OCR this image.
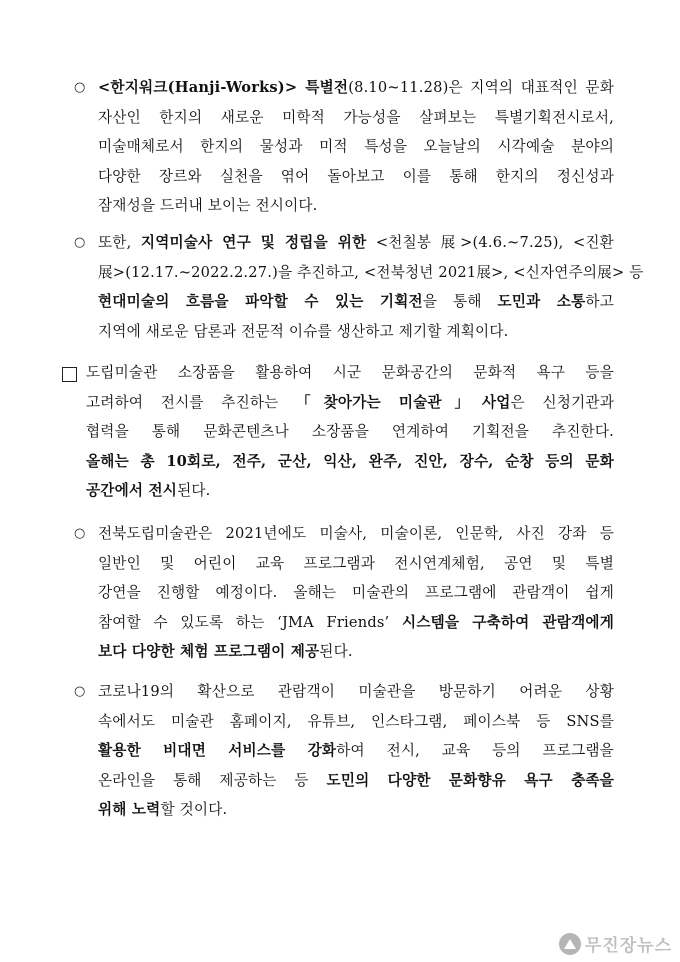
○ <한지워크(Hanji-Works)> 특별전(8.10~11.28)은 지역의 대표적인 문화
자산인 한지의 새로운 미학적 가능성을 살펴보는 특별기획전시로서,
미술매체로서 한지의 물성과 미적 특성을 오늘날의 시각예술 분야의
다양한 장르와 실천을 엮어 돌아보고 이를 통해 한지의 정신성과
잠재성을 드러내 보이는 전시이다.
○ 또한, 지역미술사 연구 및 정립을 위한 <천칠봉 展>(4.6.~7.25), <진환
展>(12.17.~2022.2.27.)을 추진하고, <전북청년 2021展>, <신자연주의展> 등
현대미술의 흐름을 파악할 수 있는 기획전을 통해 도민과 소통하고
지역에 새로운 담론과 전문적 이슈를 생산하고 제기할 계획이다.
도립미술관 소장품을 활용하여 시군 문화공간의 문화적 욕구 등을
고려하여 전시를 추진하는 「찾아가는 미술관」사업은 신청기관과
협력을 통해 문화콘텐츠나 소장품을 연계하여 기획전을 추진한다.
올해는 총 10회로, 전주, 군산, 익산, 완주, 진안, 장수, 순창 등의 문화
공간에서 전시된다.
○ 전북도립미술관은 2021년에도 미술사, 미술이론, 인문학, 사진 강좌 등
일반인 및 어린이 교육 프로그램과 전시연계체험, 공연 및 특별
강연을 진행할 예정이다. 올해는 미술관의 프로그램에 관람객이 쉽게
참여할 수 있도록 하는 ‘JMA Friends’ 시스템을 구축하여 관람객에게
보다 다양한 체험 프로그램이 제공된다.
○ 코로나19의 확산으로 관람객이 미술관을 방문하기 어려운 상황
속에서도 미술관 홈페이지, 유튜브, 인스타그램, 페이스북 등 SNS를
활용한 비대면 서비스를 강화하여 전시, 교육 등의 프로그램을
온라인을 통해 제공하는 등 도민의 다양한 문화향유 욕구 충족을
위해 노력할 것이다.
무진장뉴스
